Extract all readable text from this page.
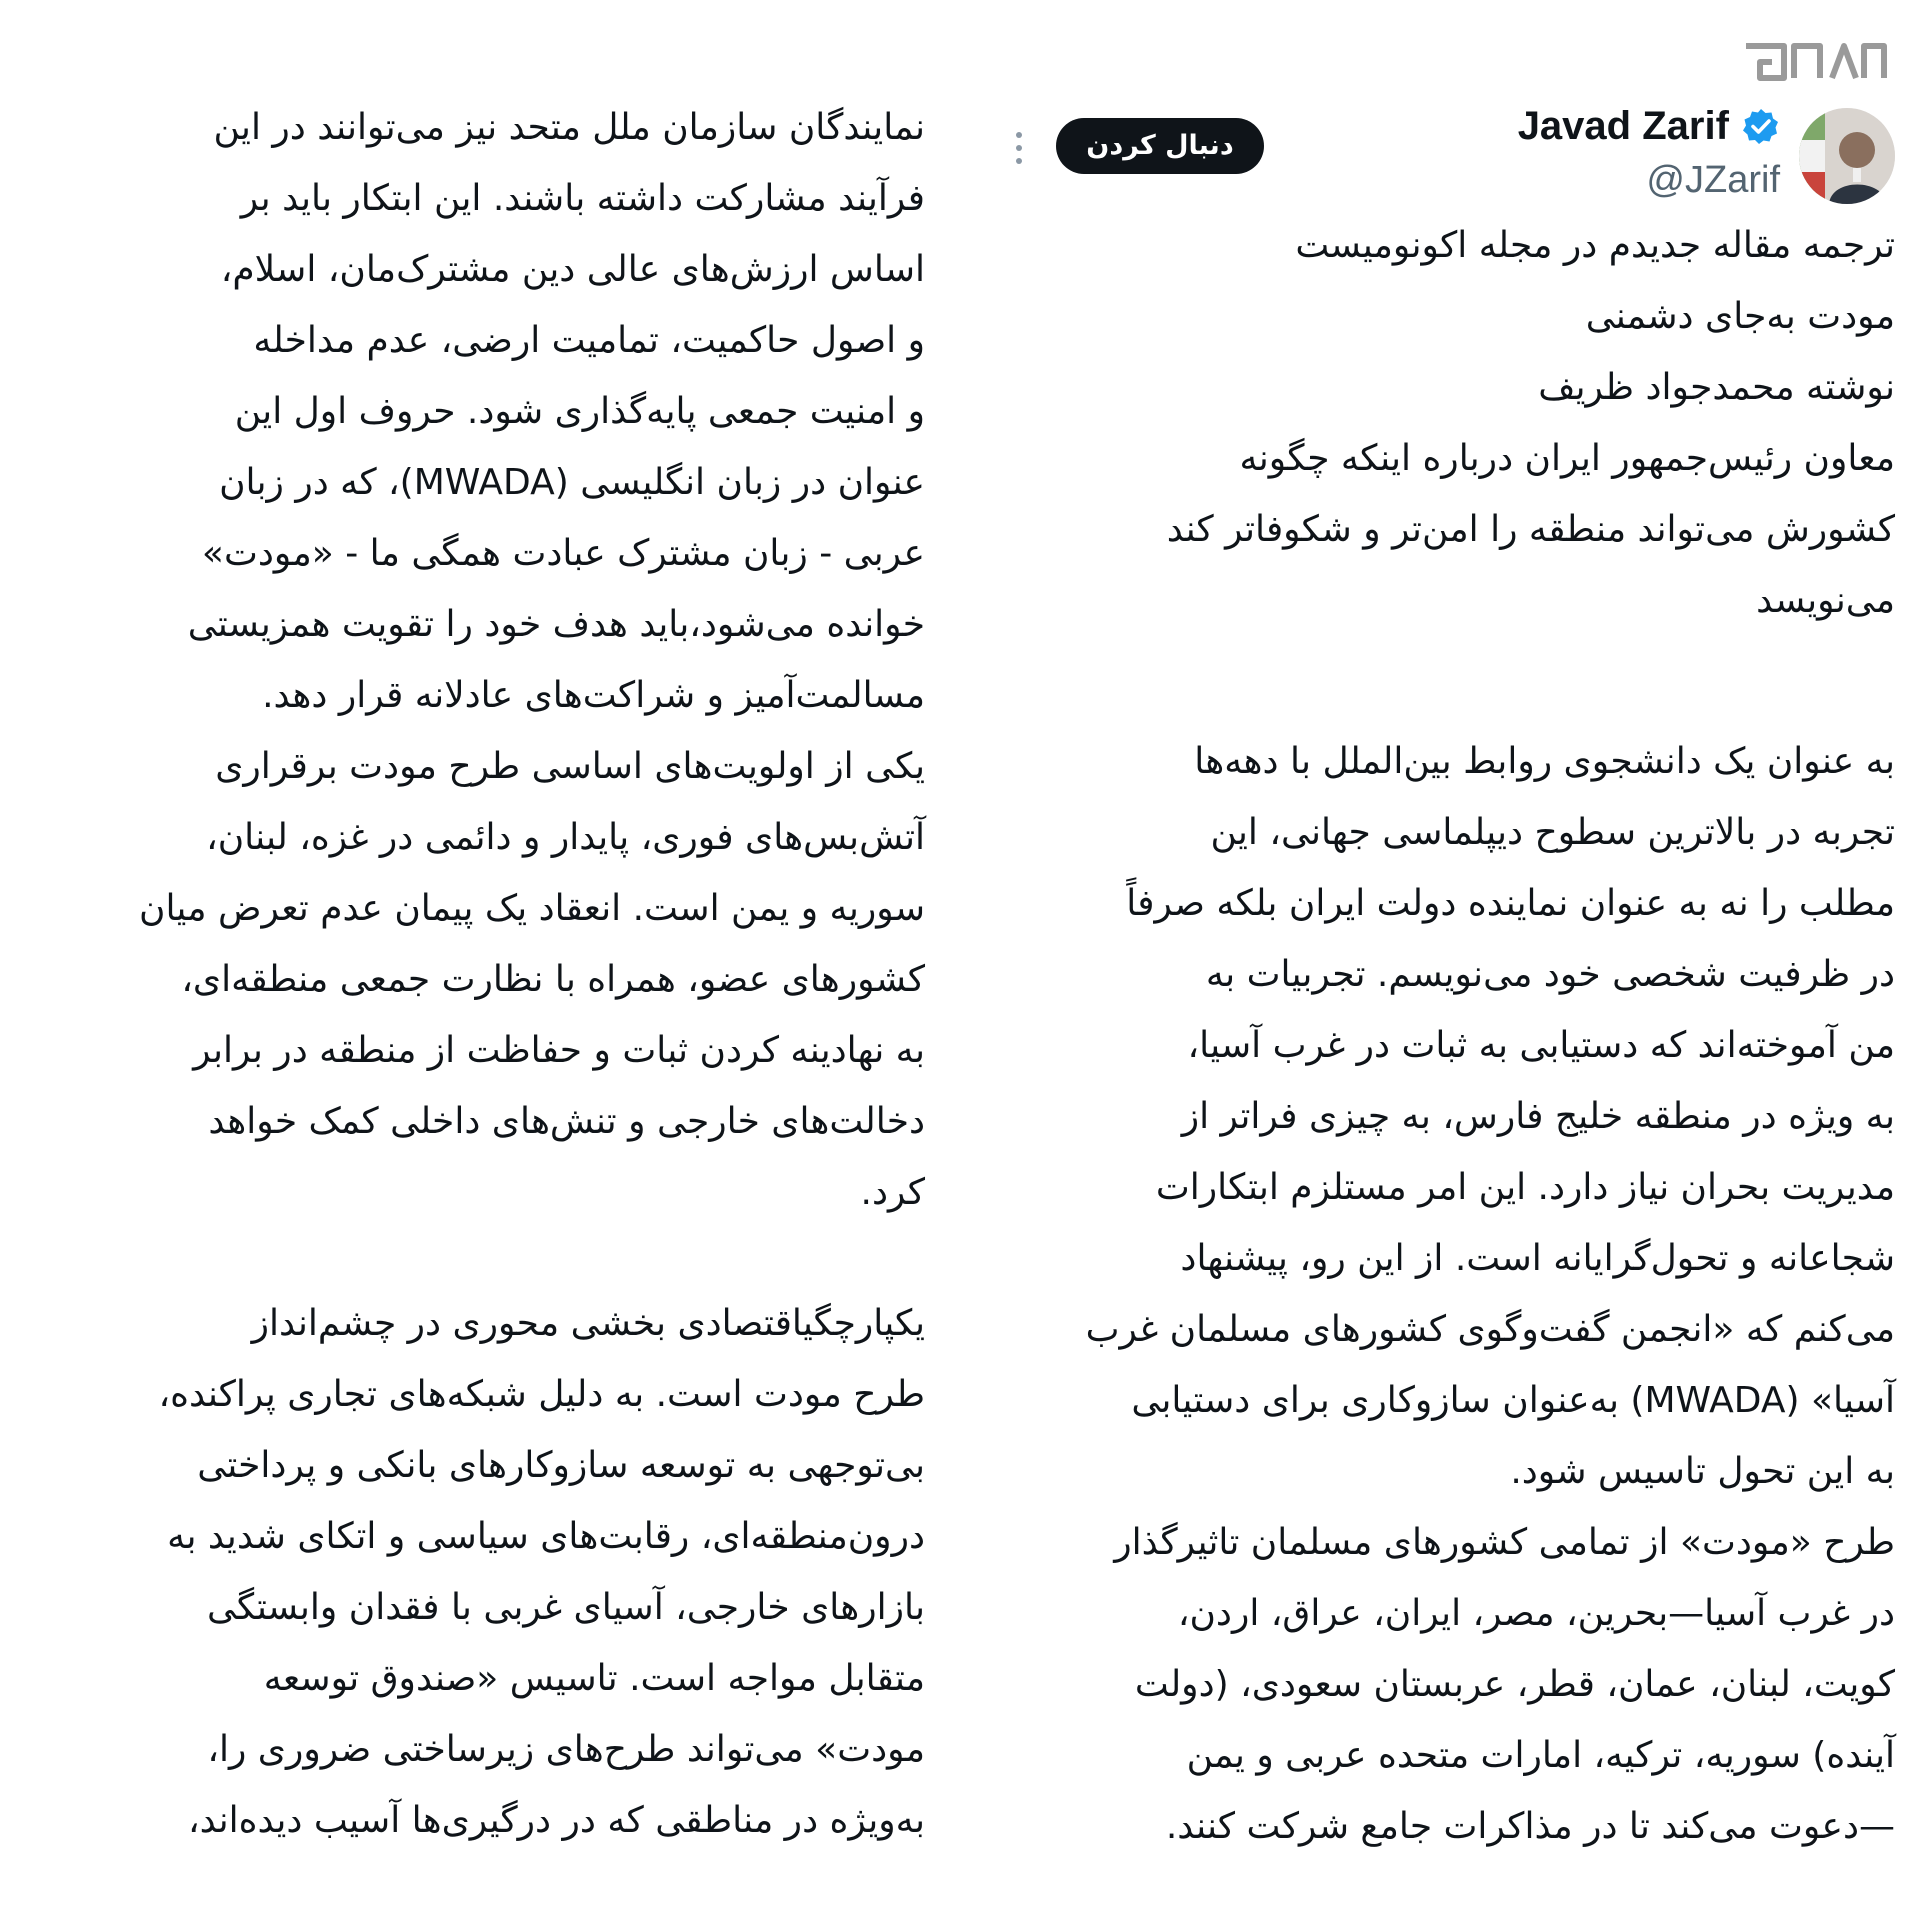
Javad Zarif
@JZarif
دنبال کردن
ترجمه مقاله جدیدم در مجله اکونومیست
مودت به‌جای دشمنی
نوشته محمدجواد ظریف
معاون رئیس‌جمهور ایران درباره اینکه چگونه
کشورش می‌تواند منطقه را امن‌تر و شکوفاتر کند
می‌نویسد
به عنوان یک دانشجوی روابط بین‌الملل با دهه‌ها
تجربه در بالاترین سطوح دیپلماسی جهانی، این
مطلب را نه به عنوان نماینده دولت ایران بلکه صرفاً
در ظرفیت شخصی خود می‌نویسم. تجربیات به
من آموخته‌اند که دستیابی به ثبات در غرب آسیا،
به ویژه در منطقه خلیج فارس، به چیزی فراتر از
مدیریت بحران نیاز دارد. این امر مستلزم ابتکارات
شجاعانه و تحول‌گرایانه است. از این رو، پیشنهاد
می‌کنم که «انجمن گفت‌وگوی کشورهای مسلمان غرب
آسیا» (MWADA) به‌عنوان سازوکاری برای دستیابی
به این تحول تاسیس شود.
طرح «مودت» از تمامی کشورهای مسلمان تاثیرگذار
در غرب آسیا—بحرین، مصر، ایران، عراق، اردن،
کویت، لبنان، عمان، قطر، عربستان سعودی، (دولت
آینده) سوریه، ترکیه، امارات متحده عربی و یمن
—دعوت می‌کند تا در مذاکرات جامع شرکت کنند.
نمایندگان سازمان ملل متحد نیز می‌توانند در این
فرآیند مشارکت داشته باشند. این ابتکار باید بر
اساس ارزش‌های عالی دین مشترک‌مان، اسلام،
و اصول حاکمیت، تمامیت ارضی، عدم مداخله
و امنیت جمعی پایه‌گذاری شود. حروف اول این
عنوان در زبان انگلیسی (MWADA)، که در زبان
عربی - زبان مشترک عبادت همگی ما - «مودت»
خوانده می‌شود،باید هدف خود را تقویت همزیستی
مسالمت‌آمیز و شراکت‌های عادلانه قرار دهد.
یکی از اولویت‌های اساسی طرح مودت برقراری
آتش‌بس‌های فوری، پایدار و دائمی در غزه، لبنان،
سوریه و یمن است. انعقاد یک پیمان عدم تعرض میان
کشورهای عضو، همراه با نظارت جمعی منطقه‌ای،
به نهادینه کردن ثبات و حفاظت از منطقه در برابر
دخالت‌های خارجی و تنش‌های داخلی کمک خواهد
کرد.
یکپارچگیاقتصادی بخشی محوری در چشم‌انداز
طرح مودت است. به دلیل شبکه‌های تجاری پراکنده،
بی‌توجهی به توسعه سازوکارهای بانکی و پرداختی
درون‌منطقه‌ای، رقابت‌های سیاسی و اتکای شدید به
بازارهای خارجی، آسیای غربی با فقدان وابستگی
متقابل مواجه است. تاسیس «صندوق توسعه
مودت» می‌تواند طرح‌های زیرساختی ضروری را،
به‌ویژه در مناطقی که در درگیری‌ها آسیب دیده‌اند،
